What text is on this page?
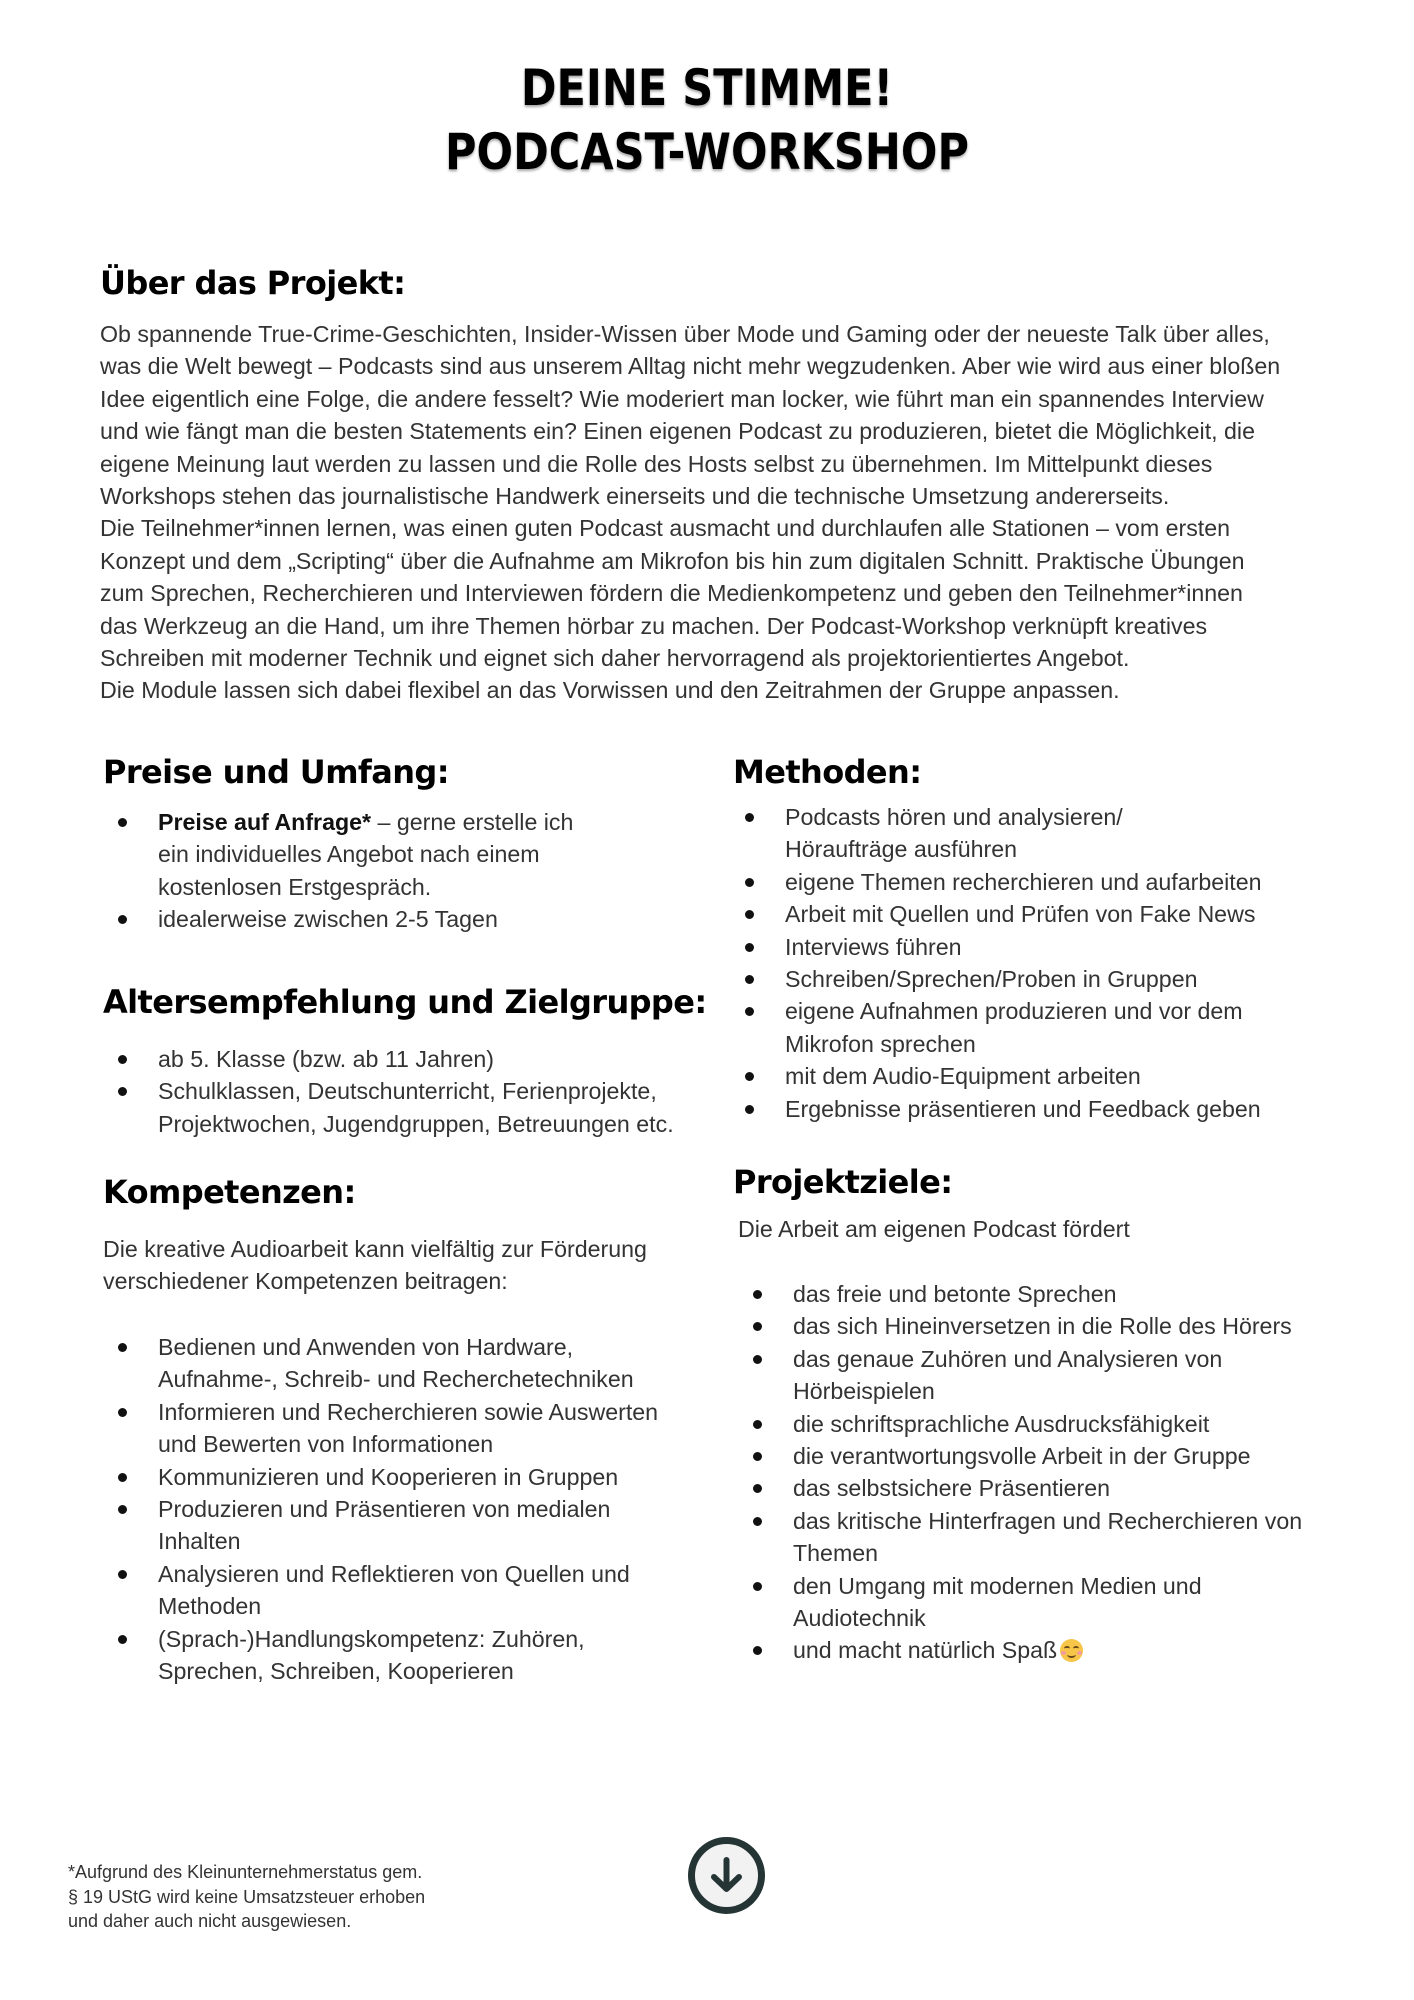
DEINE STIMME!
PODCAST-WORKSHOP
Über das Projekt:
Ob spannende True-Crime-Geschichten, Insider-Wissen über Mode und Gaming oder der neueste Talk über alles,
was die Welt bewegt – Podcasts sind aus unserem Alltag nicht mehr wegzudenken. Aber wie wird aus einer bloßen
Idee eigentlich eine Folge, die andere fesselt? Wie moderiert man locker, wie führt man ein spannendes Interview
und wie fängt man die besten Statements ein? Einen eigenen Podcast zu produzieren, bietet die Möglichkeit, die
eigene Meinung laut werden zu lassen und die Rolle des Hosts selbst zu übernehmen. Im Mittelpunkt dieses
Workshops stehen das journalistische Handwerk einerseits und die technische Umsetzung andererseits.
Die Teilnehmer*innen lernen, was einen guten Podcast ausmacht und durchlaufen alle Stationen – vom ersten
Konzept und dem „Scripting“ über die Aufnahme am Mikrofon bis hin zum digitalen Schnitt. Praktische Übungen
zum Sprechen, Recherchieren und Interviewen fördern die Medienkompetenz und geben den Teilnehmer*innen
das Werkzeug an die Hand, um ihre Themen hörbar zu machen. Der Podcast-Workshop verknüpft kreatives
Schreiben mit moderner Technik und eignet sich daher hervorragend als projektorientiertes Angebot.
Die Module lassen sich dabei flexibel an das Vorwissen und den Zeitrahmen der Gruppe anpassen.
Preise und Umfang:
Preise auf Anfrage* – gerne erstelle ich
ein individuelles Angebot nach einem
kostenlosen Erstgespräch.
idealerweise zwischen 2-5 Tagen
Altersempfehlung und Zielgruppe:
ab 5. Klasse (bzw. ab 11 Jahren)
Schulklassen, Deutschunterricht, Ferienprojekte,
Projektwochen, Jugendgruppen, Betreuungen etc.
Kompetenzen:
Die kreative Audioarbeit kann vielfältig zur Förderung
verschiedener Kompetenzen beitragen:
Bedienen und Anwenden von Hardware,
Aufnahme-, Schreib- und Recherchetechniken
Informieren und Recherchieren sowie Auswerten
und Bewerten von Informationen
Kommunizieren und Kooperieren in Gruppen
Produzieren und Präsentieren von medialen
Inhalten
Analysieren und Reflektieren von Quellen und
Methoden
(Sprach-)Handlungskompetenz: Zuhören,
Sprechen, Schreiben, Kooperieren
Methoden:
Podcasts hören und analysieren/
Höraufträge ausführen
eigene Themen recherchieren und aufarbeiten
Arbeit mit Quellen und Prüfen von Fake News
Interviews führen
Schreiben/Sprechen/Proben in Gruppen
eigene Aufnahmen produzieren und vor dem
Mikrofon sprechen
mit dem Audio-Equipment arbeiten
Ergebnisse präsentieren und Feedback geben
Projektziele:
Die Arbeit am eigenen Podcast fördert
das freie und betonte Sprechen
das sich Hineinversetzen in die Rolle des Hörers
das genaue Zuhören und Analysieren von
Hörbeispielen
die schriftsprachliche Ausdrucksfähigkeit
die verantwortungsvolle Arbeit in der Gruppe
das selbstsichere Präsentieren
das kritische Hinterfragen und Recherchieren von
Themen
den Umgang mit modernen Medien und
Audiotechnik
und macht natürlich Spaß
*Aufgrund des Kleinunternehmerstatus gem.
§ 19 UStG wird keine Umsatzsteuer erhoben
und daher auch nicht ausgewiesen.
